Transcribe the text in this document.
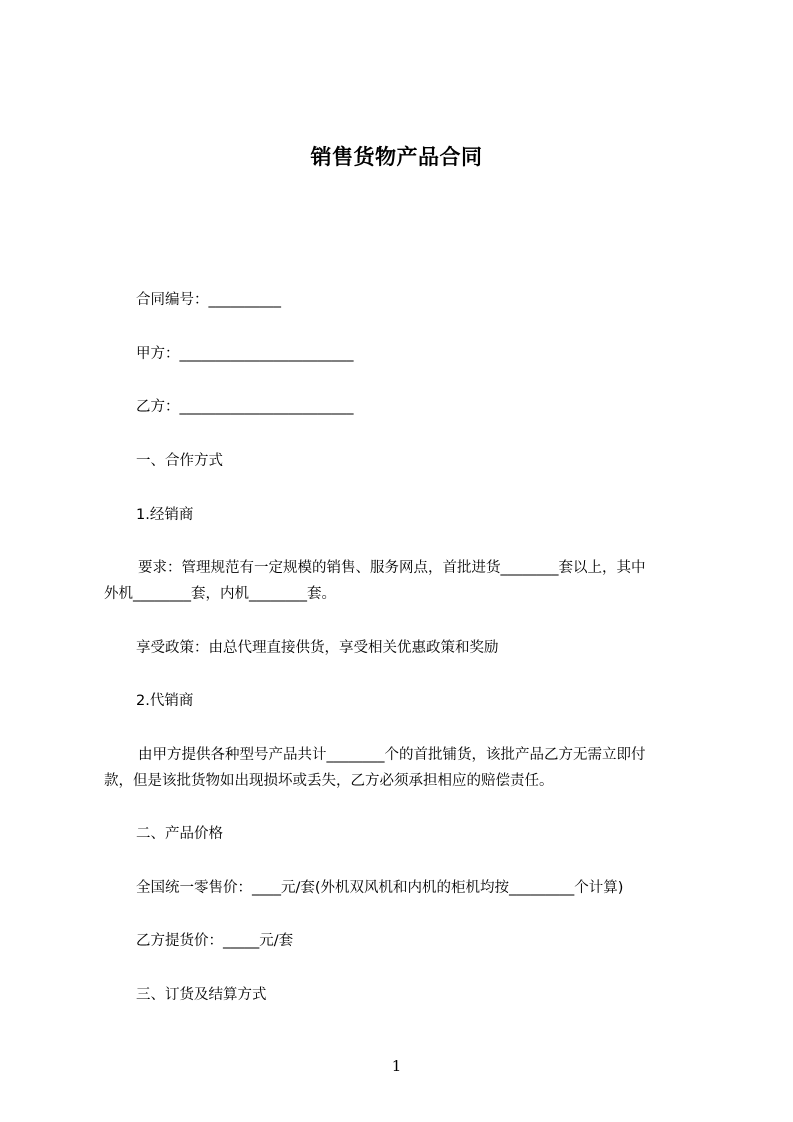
销售货物产品合同
合同编号：__________
甲方：________________________
乙方：________________________
一、合作方式
1.经销商
要求：管理规范有一定规模的销售、服务网点，首批进货________套以上，其中
外机________套，内机________套。
享受政策：由总代理直接供货，享受相关优惠政策和奖励
2.代销商
由甲方提供各种型号产品共计________个的首批铺货，该批产品乙方无需立即付
款，但是该批货物如出现损坏或丢失，乙方必须承担相应的赔偿责任。
二、产品价格
全国统一零售价：____元/套(外机双风机和内机的柜机均按_________个计算)
乙方提货价：_____元/套
三、订货及结算方式
1
